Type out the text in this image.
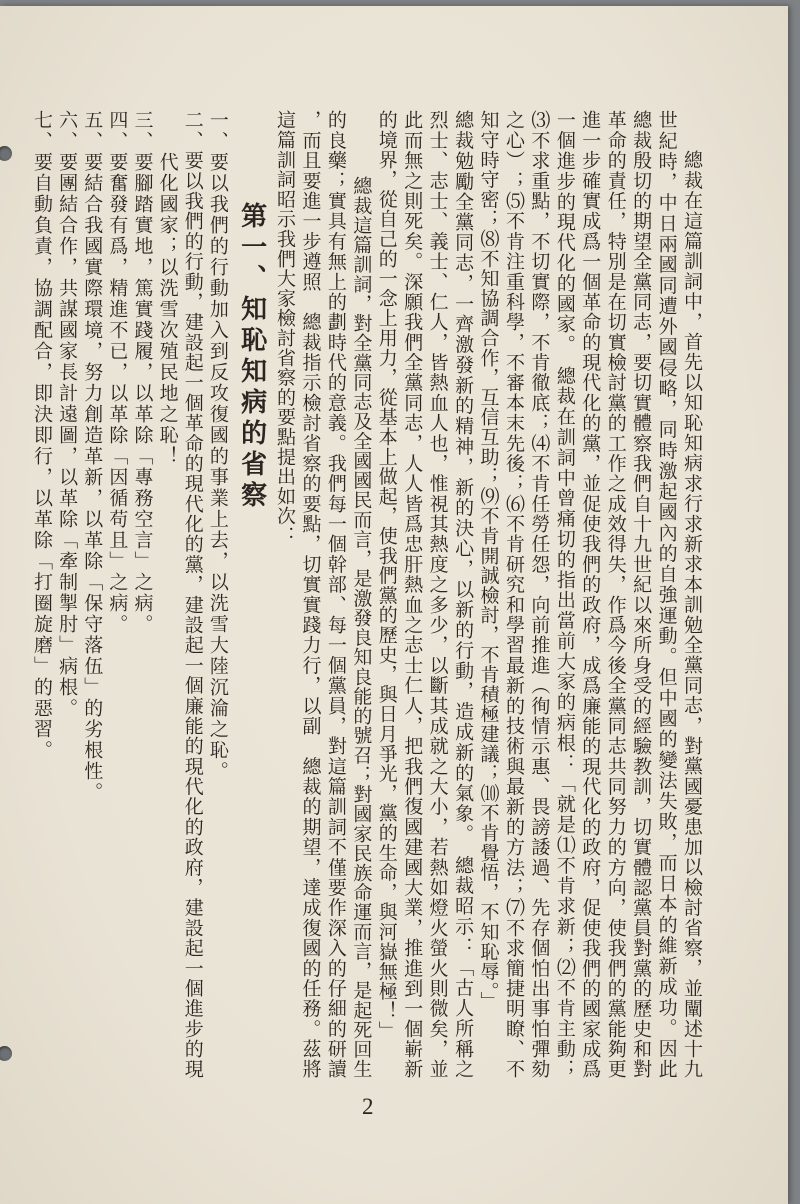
總裁在這篇訓詞中，首先以知恥知病求行求新求本訓勉全黨同志，對黨國憂患加以檢討省察，並闡述十九
世紀時，中日兩國同遭外國侵略，同時激起國內的自強運動。但中國的變法失敗，而日本的維新成功。因此
總裁殷切的期望全黨同志，要切實體察我們自十九世紀以來所身受的經驗教訓，切實體認黨員對黨的歷史和對
革命的責任，特別是在切實檢討黨的工作之成效得失，作爲今後全黨同志共同努力的方向，使我們的黨能夠更
進一步確實成爲一個革命的現代化的黨，並促使我們的政府，成爲廉能的現代化的政府，促使我們的國家成爲
一個進步的現代化的國家。　總裁在訓詞中曾痛切的指出當前大家的病根：「就是⑴不肯求新；⑵不肯主動；
⑶不求重點，不切實際，不肯徹底；⑷不肯任勞任怨，向前推進（徇情示惠、畏謗諉過、先存個怕出事怕彈劾
之心）；⑸不肯注重科學，不審本末先後；⑹不肯研究和學習最新的技術與最新的方法；⑺不求簡捷明瞭、不
知守時守密；⑻不知協調合作，互信互助；⑼不肯開誠檢討，不肯積極建議；⑽不肯覺悟，不知恥辱。」
總裁勉勵全黨同志，一齊激發新的精神，新的決心，以新的行動，造成新的氣象。　總裁昭示：「古人所稱之
烈士、志士、義士、仁人，皆熱血人也，惟視其熱度之多少，以斷其成就之大小，若熱如燈火螢火則微矣，並
此而無之則死矣。深願我們全黨同志，人人皆爲忠肝熱血之志士仁人，把我們復國建國大業，推進到一個嶄新
的境界，從自己的一念上用力，從基本上做起，使我們黨的歷史，與日月爭光，黨的生命，與河嶽無極！」
總裁這篇訓詞，對全黨同志及全國國民而言，是激發良知良能的號召；對國家民族命運而言，是起死回生
的良藥；實具有無上的劃時代的意義。我們每一個幹部、每一個黨員，對這篇訓詞不僅要作深入的仔細的研讀
，而且要進一步遵照　總裁指示檢討省察的要點，切實實踐力行，以副　總裁的期望，達成復國的任務。茲將
這篇訓詞昭示我們大家檢討省察的要點提出如次：
第一、知恥知病的省察
一、要以我們的行動加入到反攻復國的事業上去，以洗雪大陸沉淪之恥。
二、要以我們的行動，建設起一個革命的現代化的黨，建設起一個廉能的現代化的政府，建設起一個進步的現
代化國家；以洗雪次殖民地之恥！
三、要腳踏實地，篤實踐履，以革除「專務空言」之病。
四、要奮發有爲，精進不已，以革除「因循苟且」之病。
五、要結合我國實際環境，努力創造革新，以革除「保守落伍」的劣根性。
六、要團結合作，共謀國家長計遠圖，以革除「牽制掣肘」病根。
七、要自動負責，協調配合，即決即行，以革除「打圈旋磨」的惡習。
2
